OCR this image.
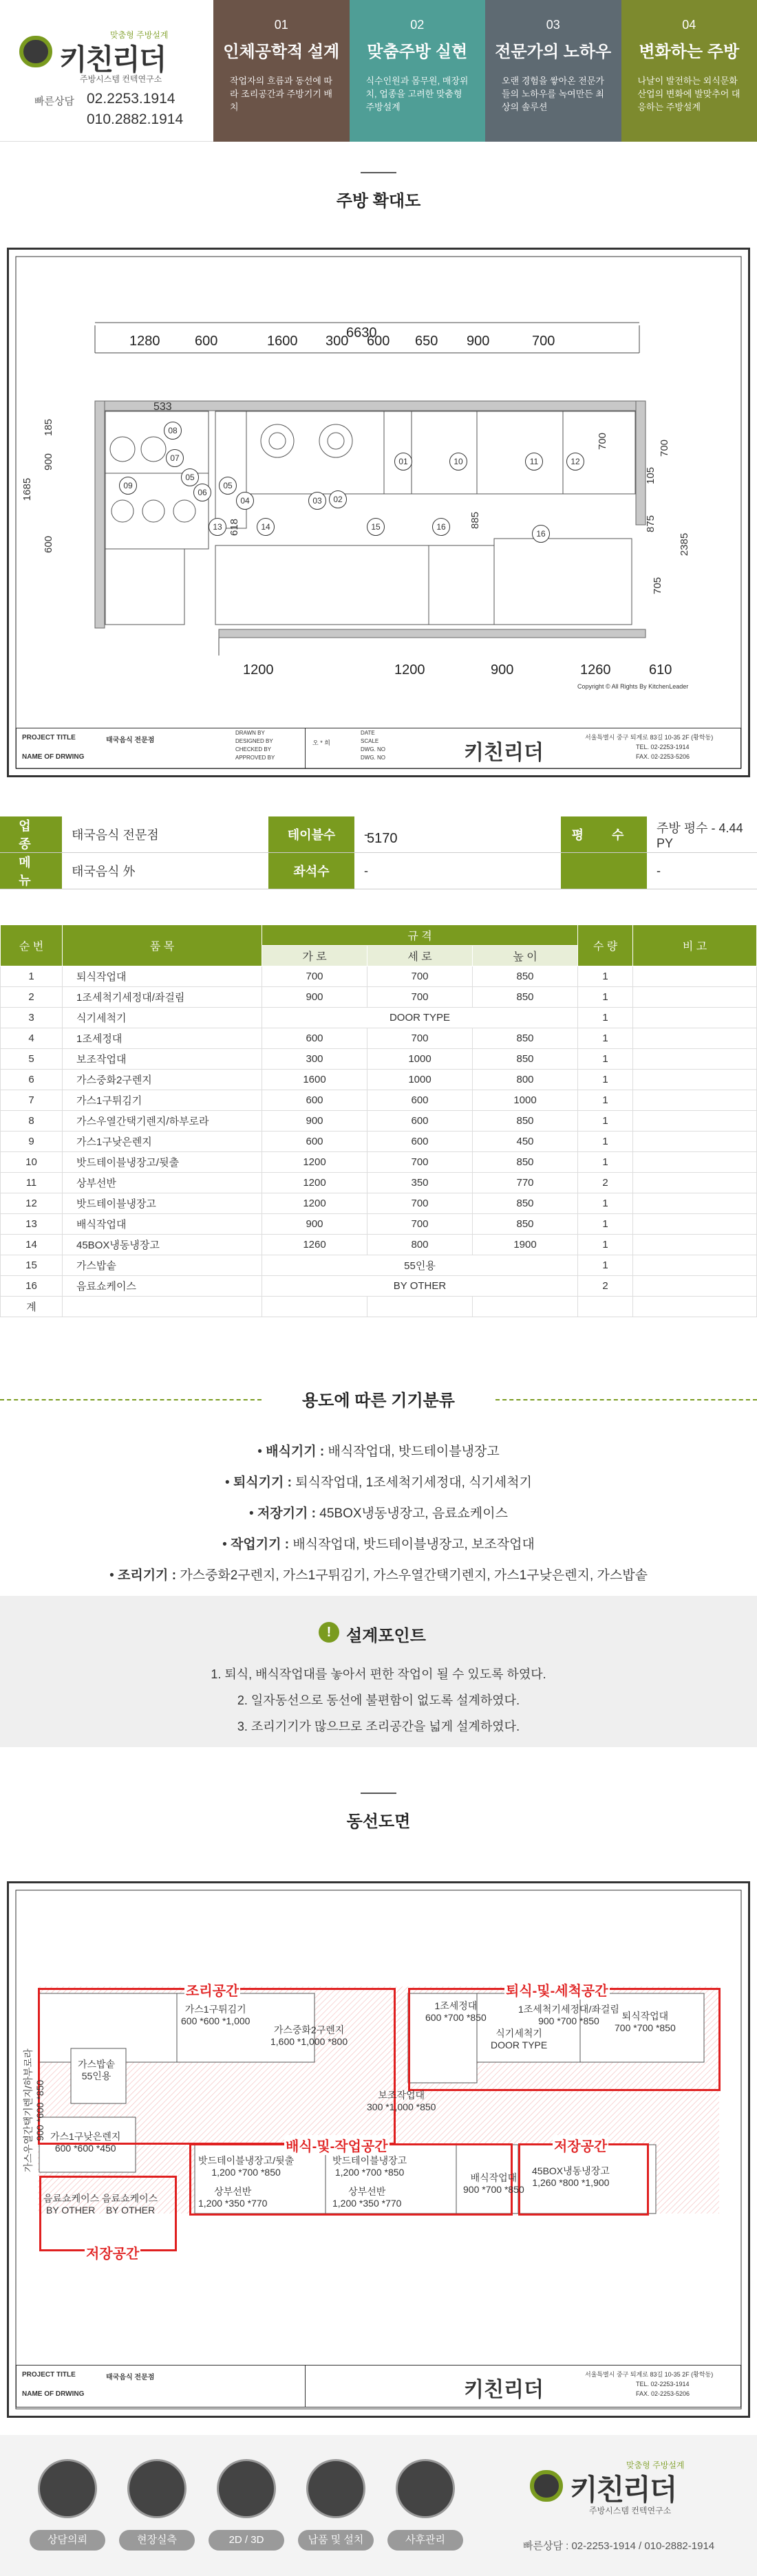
맞춤형 주방설계
키친리더
주방시스템 컨텍연구소
빠른상담 02.2253.1914
010.2882.1914
01
인체공학적 설계
작업자의 흐름과 동선에 따라 조리공간과 주방기기 배치
02
맞춤주방 실현
식수인원과 몸무원, 매장위치, 업종을 고려한 맞춤형 주방설계
03
전문가의 노하우
오랜 경험을 쌓아온 전문가들의 노하우를 녹여만든 최상의 솔루션
04
변화하는 주방
나날이 발전하는 외식문화 산업의 변화에 발맞추어 대응하는 주방설계
주방 확대도
6630
1280	600	1600 300 600 650 900	700
1200	1200	900	1260	610
5170
533
185
900
1685
600
700
105
875
2385
705
885
618
700
08
07
05
09
06
05
04	03	02
01	10	11	12
13	14	15	16
16
Copyright © All Rights By KitchenLeader
PROJECT TITLE	태국음식 전문점
NAME OF DRWING
DRAWN BY
DESIGNED BY
CHECKED BY
APPROVED BY
오 * 희
DATE
SCALE
DWG. NO
DWG. NO	키친리더
서울특별시 중구 퇴계로 83길 10-35 2F (황학동)
TEL. 02-2253-1914
FAX. 02-2253-5206
업 종	태국음식 전문점	테이블수	-	평 수	주방 평수 - 4.44 PY
메 뉴	태국음식 外	좌석수	-		-
순 번	품 목	규 격			수 량	비 고
		가 로	세 로	높 이		
1	퇴식작업대	700	700	850	1	
2	1조세척기세정대/좌걸림	900	700	850	1	
3	식기세척기	DOOR TYPE			1	
4	1조세정대	600	700	850	1	
5	보조작업대	300	1000	850	1	
6	가스중화2구렌지	1600	1000	800	1	
7	가스1구튀김기	600	600	1000	1	
8	가스우열간택기렌지/하부로라	900	600	850	1	
9	가스1구낮은렌지	600	600	450	1	
10	밧드테이블냉장고/뒷출	1200	700	850	1	
11	상부선반	1200	350	770	2	
12	밧드테이블냉장고	1200	700	850	1	
13	배식작업대	900	700	850	1	
14	45BOX냉동냉장고	1260	800	1900	1	
15	가스밥솥	55인용			1	
16	음료쇼케이스	BY OTHER			2	
계						
용도에 따른 기기분류
• 배식기기 : 배식작업대, 밧드테이블냉장고
• 퇴식기기 : 퇴식작업대, 1조세척기세정대, 식기세척기
• 저장기기 : 45BOX냉동냉장고, 음료쇼케이스
• 작업기기 : 배식작업대, 밧드테이블냉장고, 보조작업대
• 조리기기 : 가스중화2구렌지, 가스1구튀김기, 가스우열간택기렌지, 가스1구낮은렌지, 가스밥솥
! 설계포인트
1. 퇴식, 배식작업대를 놓아서 편한 작업이 될 수 있도록 하였다.
2. 일자동선으로 동선에 불편함이 없도록 설계하였다.
3. 조리기기가 많으므로 조리공간을 넓게 설계하였다.
동선도면
조리공간	퇴식-및-세척공간
배식-및-작업공간	저장공간
저장공간
가스1구튀김기
600 *600 *1,000
가스중화2구렌지
1,600 *1,000 *800
1조세정대
600 *700 *850
식기세척기
DOOR TYPE
1조세척기세정대/좌걸림
900 *700 *850	퇴식작업대
700 *700 *850
가스밥솥
55인용
가스1구낮은렌지
600 *600 *450
보조작업대
300 *1,000 *850
가스우열간택기렌지/하부로라
900 *600 *850
음료쇼케이스 음료쇼케이스
BY OTHER    BY OTHER
밧드테이블냉장고/뒷출
1,200 *700 *850
밧드테이블냉장고
1,200 *700 *850
상부선반
1,200 *350 *770
상부선반
1,200 *350 *770
배식작업대
900 *700 *850
45BOX냉동냉장고
1,260 *800 *1,900
PROJECT TITLE	태국음식 전문점
NAME OF DRWING	키친리더
서울특별시 중구 퇴계로 83길 10-35 2F (황학동)
TEL. 02-2253-1914
FAX. 02-2253-5206
상담의뢰	현장실측	2D / 3D	납품 및 설치	사후관리
맞춤형 주방설계
키친리더
주방시스템 컨텍연구소
빠른상담 : 02-2253-1914 / 010-2882-1914
